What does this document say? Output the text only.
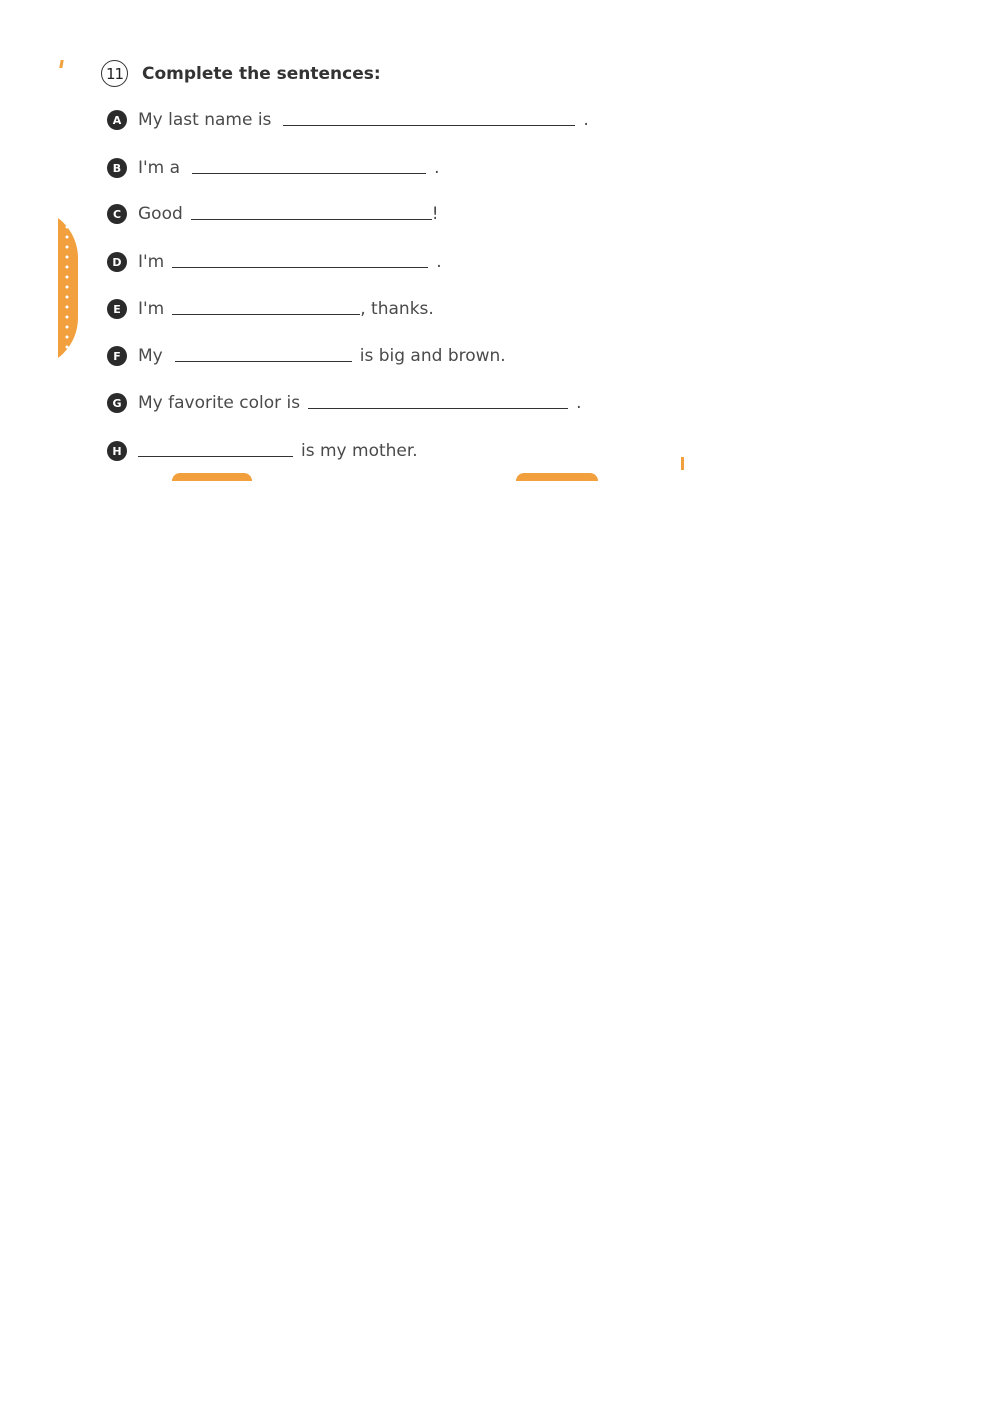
11 Complete the sentences:
A My last name is	.
B I'm a	.
C Good	!
D I'm	.
E	I'm	, thanks.
F	My	is big and brown.
G My favorite color is	.
H	is my mother.
